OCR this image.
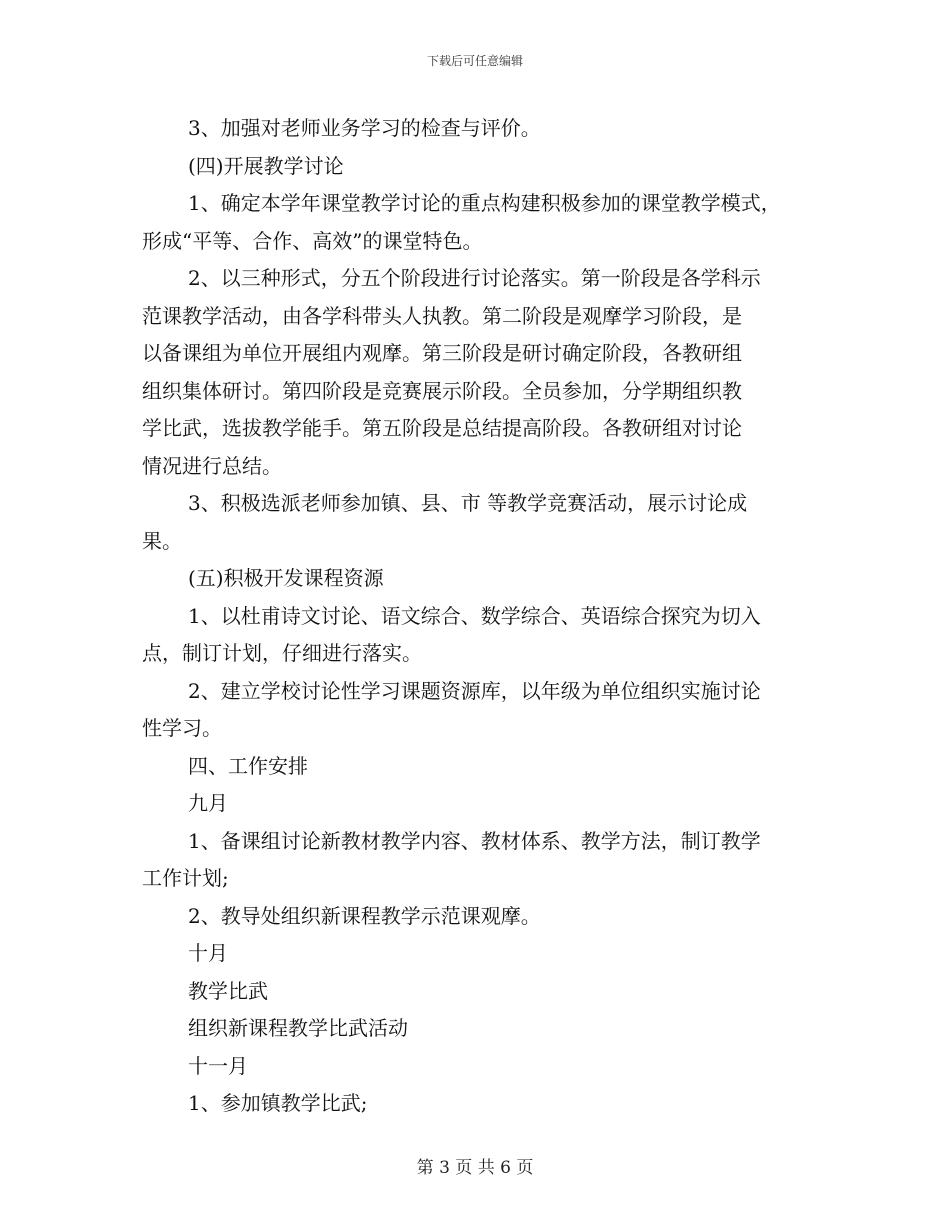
下载后可任意编辑

3、加强对老师业务学习的检查与评价。

(四)开展教学讨论

1、确定本学年课堂教学讨论的重点构建积极参加的课堂教学模式，

形成“平等、合作、高效”的课堂特色。

2、以三种形式，分五个阶段进行讨论落实。第一阶段是各学科示

范课教学活动，由各学科带头人执教。第二阶段是观摩学习阶段，是

以备课组为单位开展组内观摩。第三阶段是研讨确定阶段，各教研组

组织集体研讨。第四阶段是竞赛展示阶段。全员参加，分学期组织教

学比武，选拔教学能手。第五阶段是总结提高阶段。各教研组对讨论

情况进行总结。

3、积极选派老师参加镇、县、市 等教学竞赛活动，展示讨论成

果。

(五)积极开发课程资源

1、以杜甫诗文讨论、语文综合、数学综合、英语综合探究为切入

点，制订计划，仔细进行落实。

2、建立学校讨论性学习课题资源库，以年级为单位组织实施讨论

性学习。

四、工作安排

九月

1、备课组讨论新教材教学内容、教材体系、教学方法，制订教学

工作计划;

2、教导处组织新课程教学示范课观摩。

十月

教学比武

组织新课程教学比武活动

十一月

1、参加镇教学比武;

第 3 页 共 6 页
